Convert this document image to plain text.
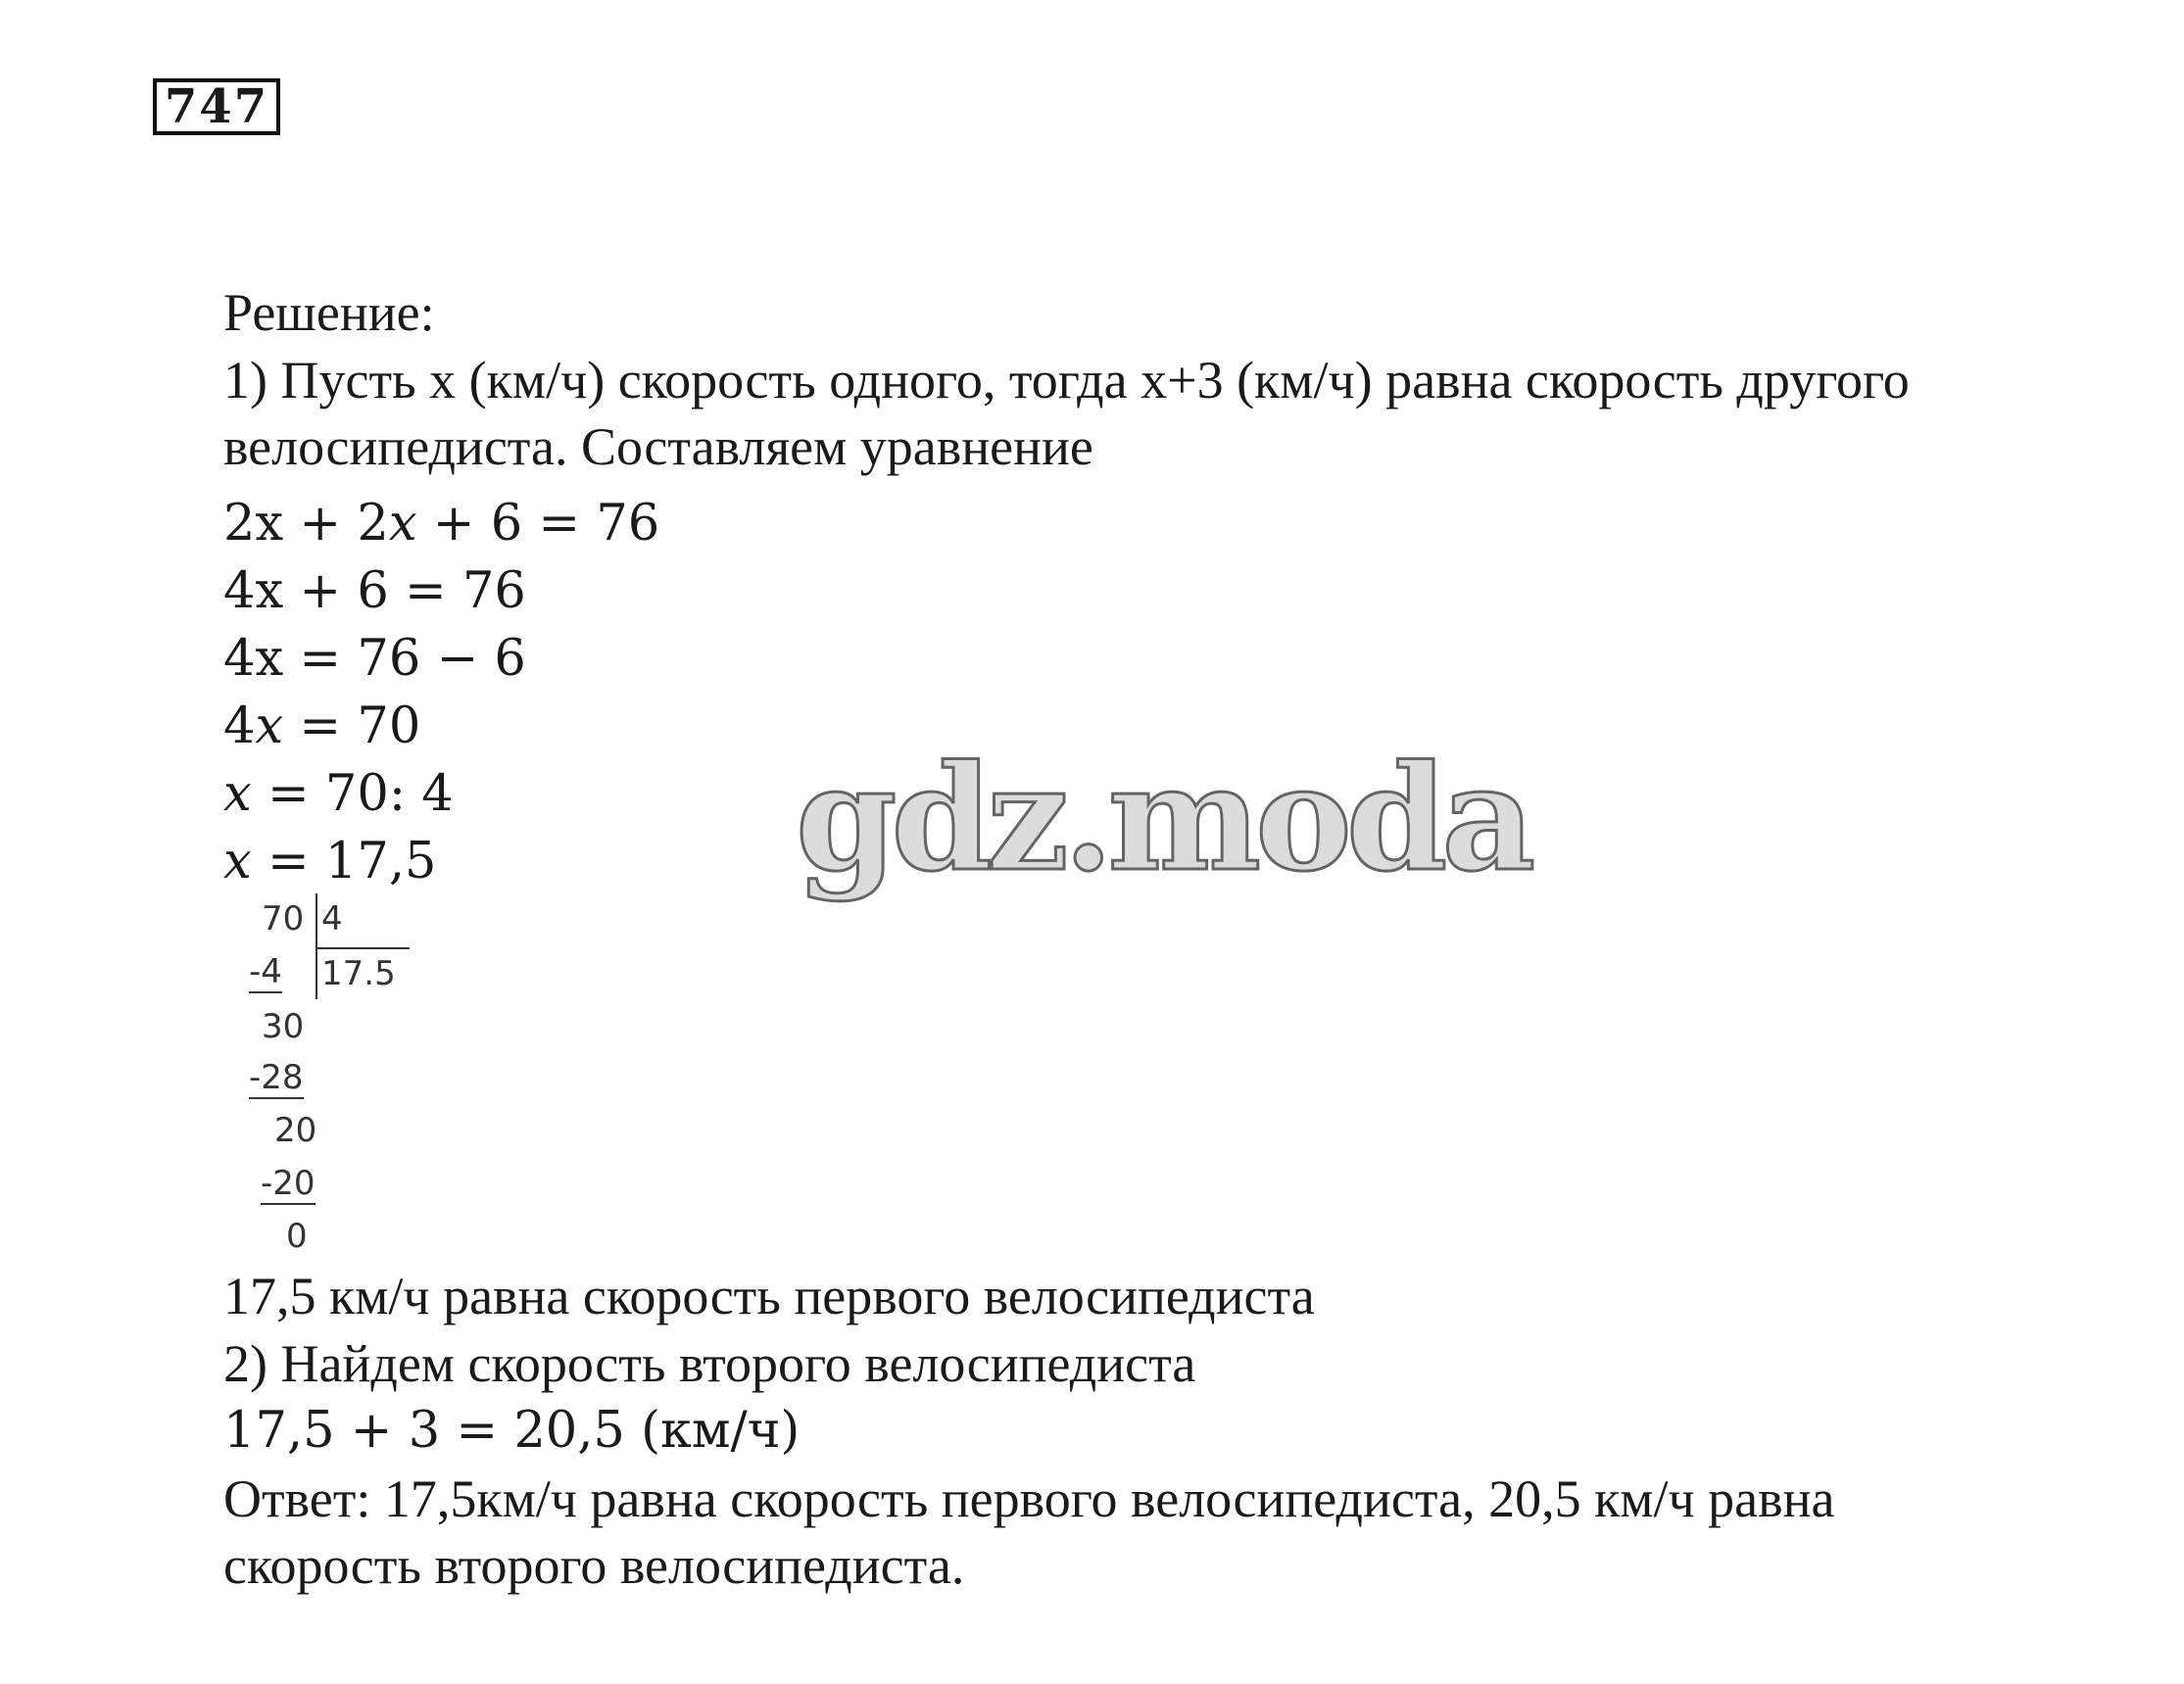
747
Решение:
1) Пусть x (км/ч) скорость одного, тогда x+3 (км/ч) равна скорость другого
велосипедиста. Составляем уравнение
2x + 2𝑥 + 6 = 76
4x + 6 = 76
4x = 76 − 6
4𝑥 = 70
𝑥 = 70: 4
𝑥 = 17,5
70 4
-4 17.5
30
-28
20
-20
0
17,5 км/ч равна скорость первого велосипедиста
2) Найдем скорость второго велосипедиста
17,5 + 3 = 20,5 (км/ч)
Ответ: 17,5км/ч равна скорость первого велосипедиста, 20,5 км/ч равна
скорость второго велосипедиста.
gdz.moda
